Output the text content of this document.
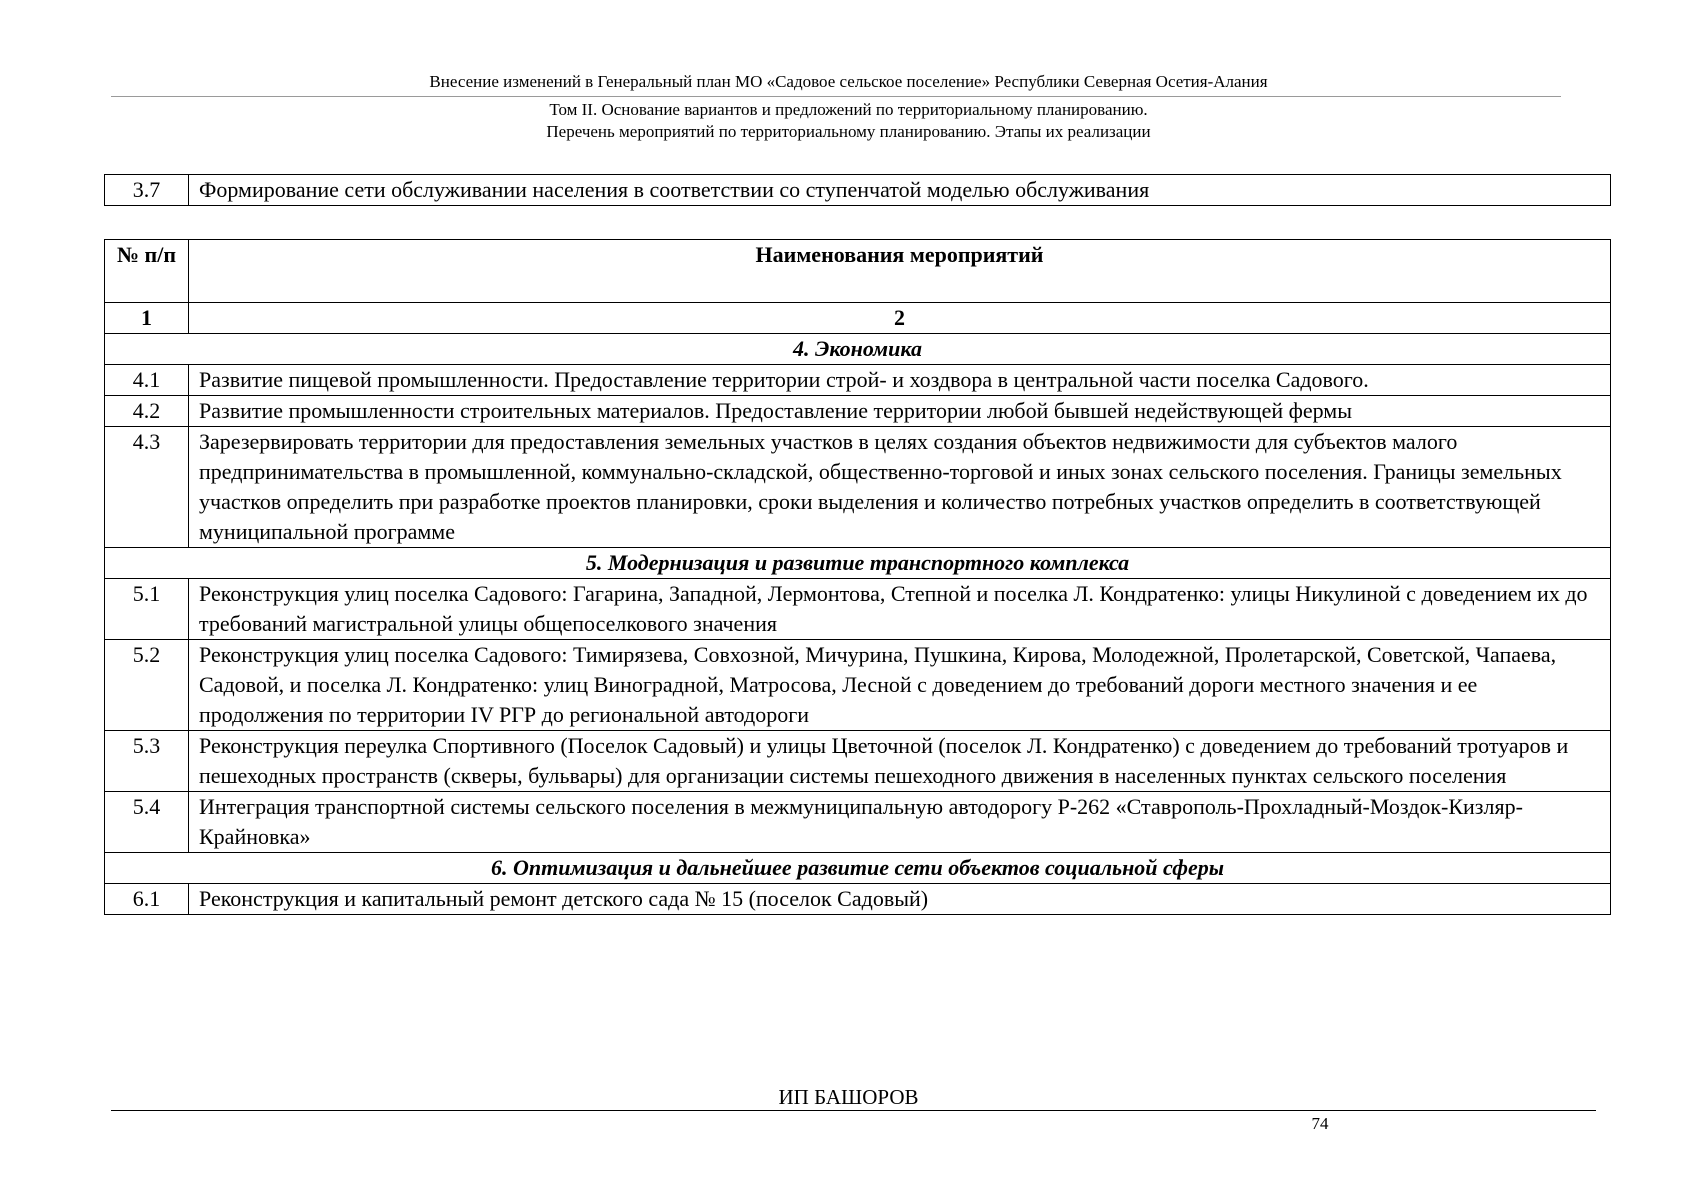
Внесение изменений в Генеральный план МО «Садовое сельское поселение» Республики Северная Осетия-Алания
Том II. Основание вариантов и предложений по территориальному планированию.
Перечень мероприятий по территориальному планированию. Этапы их реализации
3.7	Формирование сети обслуживании населения в соответствии со ступенчатой моделью обслуживания
№ п/п	Наименования мероприятий
1	2
4. Экономика	
4.1	Развитие пищевой промышленности. Предоставление территории строй- и хоздвора в центральной части поселка Садового.
4.2	Развитие промышленности строительных материалов. Предоставление территории любой бывшей недействующей фермы
4.3	Зарезервировать территории для предоставления земельных участков в целях создания объектов недвижимости для субъектов малого предпринимательства в промышленной, коммунально-складской, общественно-торговой и иных зонах сельского поселения. Границы земельных участков определить при разработке проектов планировки, сроки выделения и количество потребных участков определить в соответствующей муниципальной программе
5. Модернизация и развитие транспортного комплекса	
5.1	Реконструкция улиц поселка Садового: Гагарина, Западной, Лермонтова, Степной и поселка Л. Кондратенко: улицы Никулиной с доведением их до требований магистральной улицы общепоселкового значения
5.2	Реконструкция улиц поселка Садового: Тимирязева, Совхозной, Мичурина, Пушкина, Кирова, Молодежной, Пролетарской, Советской, Чапаева, Садовой, и поселка Л. Кондратенко: улиц Виноградной, Матросова, Лесной с доведением до требований дороги местного значения и ее продолжения по территории IV РГР до региональной автодороги
5.3	Реконструкция переулка Спортивного (Поселок Садовый) и улицы Цветочной (поселок Л. Кондратенко) с доведением до требований тротуаров и пешеходных пространств (скверы, бульвары) для организации системы пешеходного движения в населенных пунктах сельского поселения
5.4	Интеграция транспортной системы сельского поселения в межмуниципальную автодорогу Р-262 «Ставрополь-Прохладный-Моздок-Кизляр-Крайновка»
6. Оптимизация и дальнейшее развитие сети объектов социальной сферы	
6.1	Реконструкция и капитальный ремонт детского сада № 15 (поселок Садовый)
ИП БАШОРОВ
74
